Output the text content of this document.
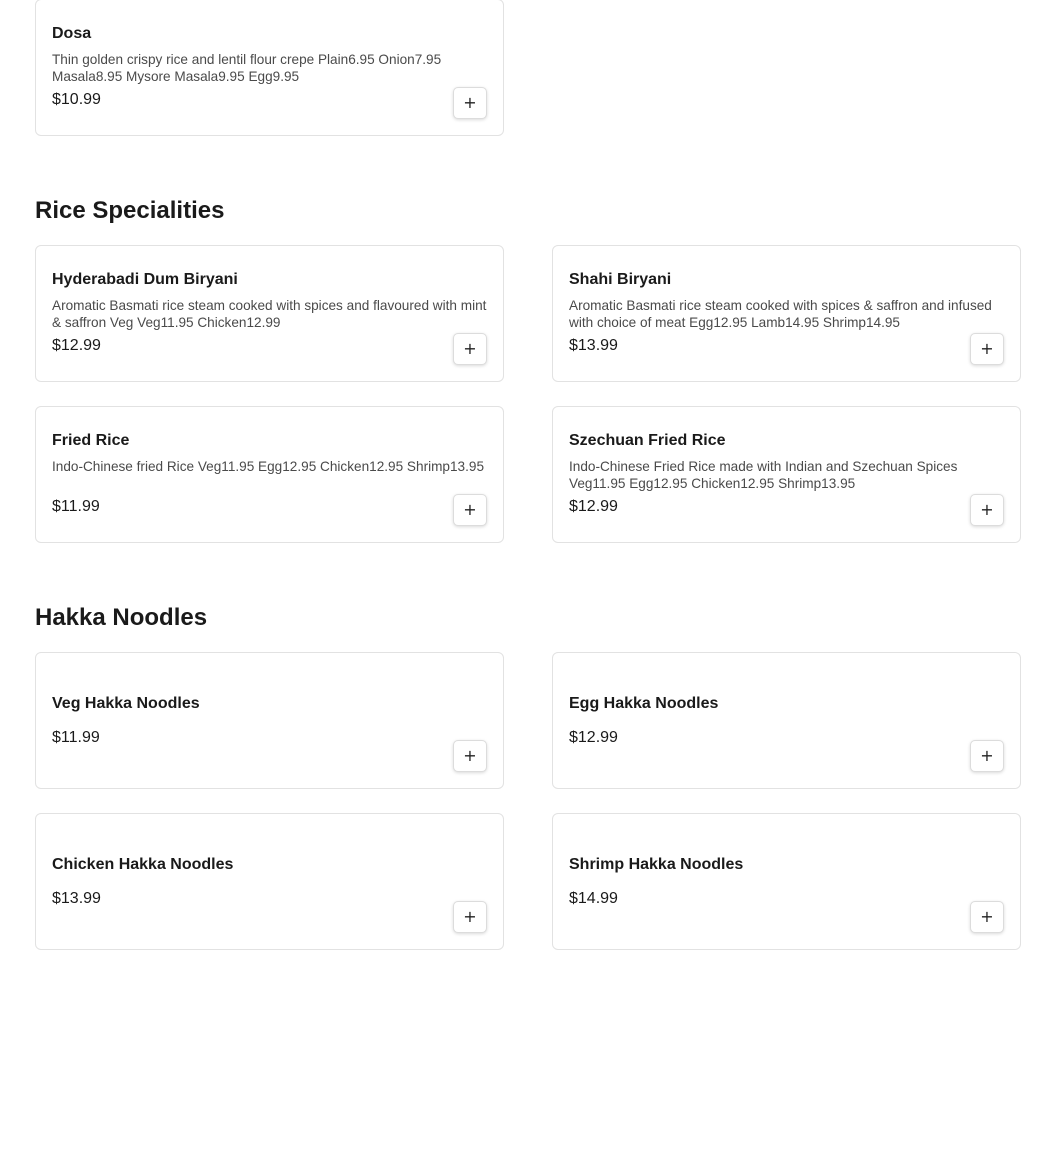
Dosa
Thin golden crispy rice and lentil flour crepe Plain6.95 Onion7.95 Masala8.95 Mysore Masala9.95 Egg9.95
$10.99	+
Rice Specialities
Hyderabadi Dum Biryani
Aromatic Basmati rice steam cooked with spices and flavoured with mint & saffron Veg Veg11.95 Chicken12.99
$12.99	+
Shahi Biryani
Aromatic Basmati rice steam cooked with spices & saffron and infused with choice of meat Egg12.95 Lamb14.95 Shrimp14.95
$13.99	+
Fried Rice
Indo-Chinese fried Rice Veg11.95 Egg12.95 Chicken12.95 Shrimp13.95
$11.99	+
Szechuan Fried Rice
Indo-Chinese Fried Rice made with Indian and Szechuan Spices Veg11.95 Egg12.95 Chicken12.95 Shrimp13.95
$12.99	+
Hakka Noodles
Veg Hakka Noodles
$11.99
+
Egg Hakka Noodles
$12.99
+
Chicken Hakka Noodles
$13.99
+
Shrimp Hakka Noodles
$14.99
+
